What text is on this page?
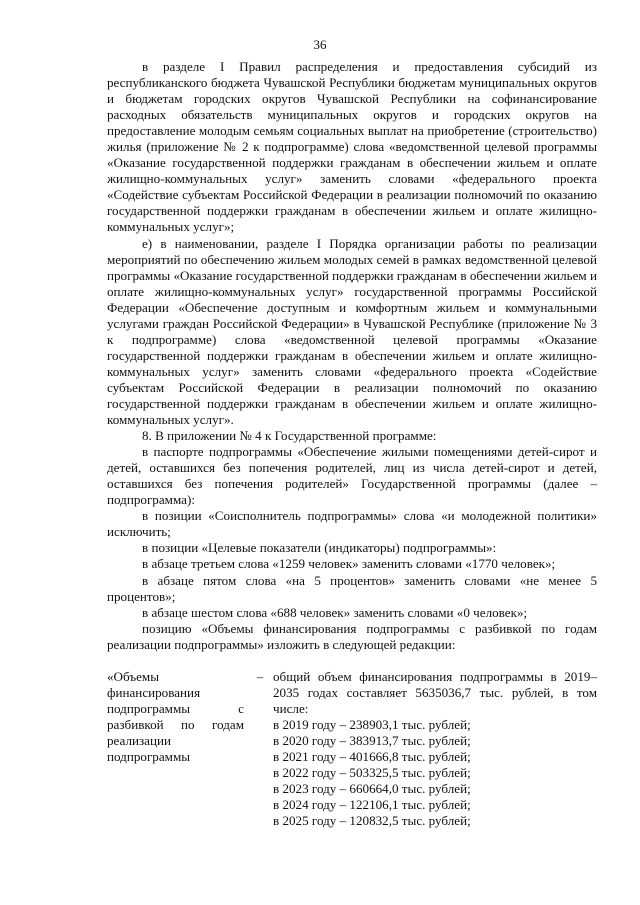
36

в разделе I Правил распределения и предоставления субсидий из республиканского бюджета Чувашской Республики бюджетам муниципальных округов и бюджетам городских округов Чувашской Республики на софинансирование расходных обязательств муниципальных округов и городских округов на предоставление молодым семьям социальных выплат на приобретение (строительство) жилья (приложение № 2 к подпрограмме) слова «ведомственной целевой программы «Оказание государственной поддержки гражданам в обеспечении жильем и оплате жилищно-коммунальных услуг» заменить словами «федерального проекта «Содействие субъектам Российской Федерации в реализации полномочий по оказанию государственной поддержки гражданам в обеспечении жильем и оплате жилищно-коммунальных услуг»;

е) в наименовании, разделе I Порядка организации работы по реализации мероприятий по обеспечению жильем молодых семей в рамках ведомственной целевой программы «Оказание государственной поддержки гражданам в обеспечении жильем и оплате жилищно-коммунальных услуг» государственной программы Российской Федерации «Обеспечение доступным и комфортным жильем и коммунальными услугами граждан Российской Федерации» в Чувашской Республике (приложение № 3 к подпрограмме) слова «ведомственной целевой программы «Оказание государственной поддержки гражданам в обеспечении жильем и оплате жилищно-коммунальных услуг» заменить словами «федерального проекта «Содействие субъектам Российской Федерации в реализации полномочий по оказанию государственной поддержки гражданам в обеспечении жильем и оплате жилищно-коммунальных услуг».

8. В приложении № 4 к Государственной программе:

в паспорте подпрограммы «Обеспечение жилыми помещениями детей-сирот и детей, оставшихся без попечения родителей, лиц из числа детей-сирот и детей, оставшихся без попечения родителей» Государственной программы (далее – подпрограмма):

в позиции «Соисполнитель подпрограммы» слова «и молодежной политики» исключить;

в позиции «Целевые показатели (индикаторы) подпрограммы»:

в абзаце третьем слова «1259 человек» заменить словами «1770 человек»;

в абзаце пятом слова «на 5 процентов» заменить словами «не менее 5 процентов»;

в абзаце шестом слова «688 человек» заменить словами «0 человек»;

позицию «Объемы финансирования подпрограммы с разбивкой по годам реализации подпрограммы» изложить в следующей редакции:

«Объемы финансирования подпрограммы с разбивкой по годам реализации подпрограммы
– общий объем финансирования подпрограммы в 2019–2035 годах составляет 5635036,7 тыс. рублей, в том числе:

в 2019 году – 238903,1 тыс. рублей;
в 2020 году – 383913,7 тыс. рублей;
в 2021 году – 401666,8 тыс. рублей;
в 2022 году – 503325,5 тыс. рублей;
в 2023 году – 660664,0 тыс. рублей;
в 2024 году – 122106,1 тыс. рублей;
в 2025 году – 120832,5 тыс. рублей;
